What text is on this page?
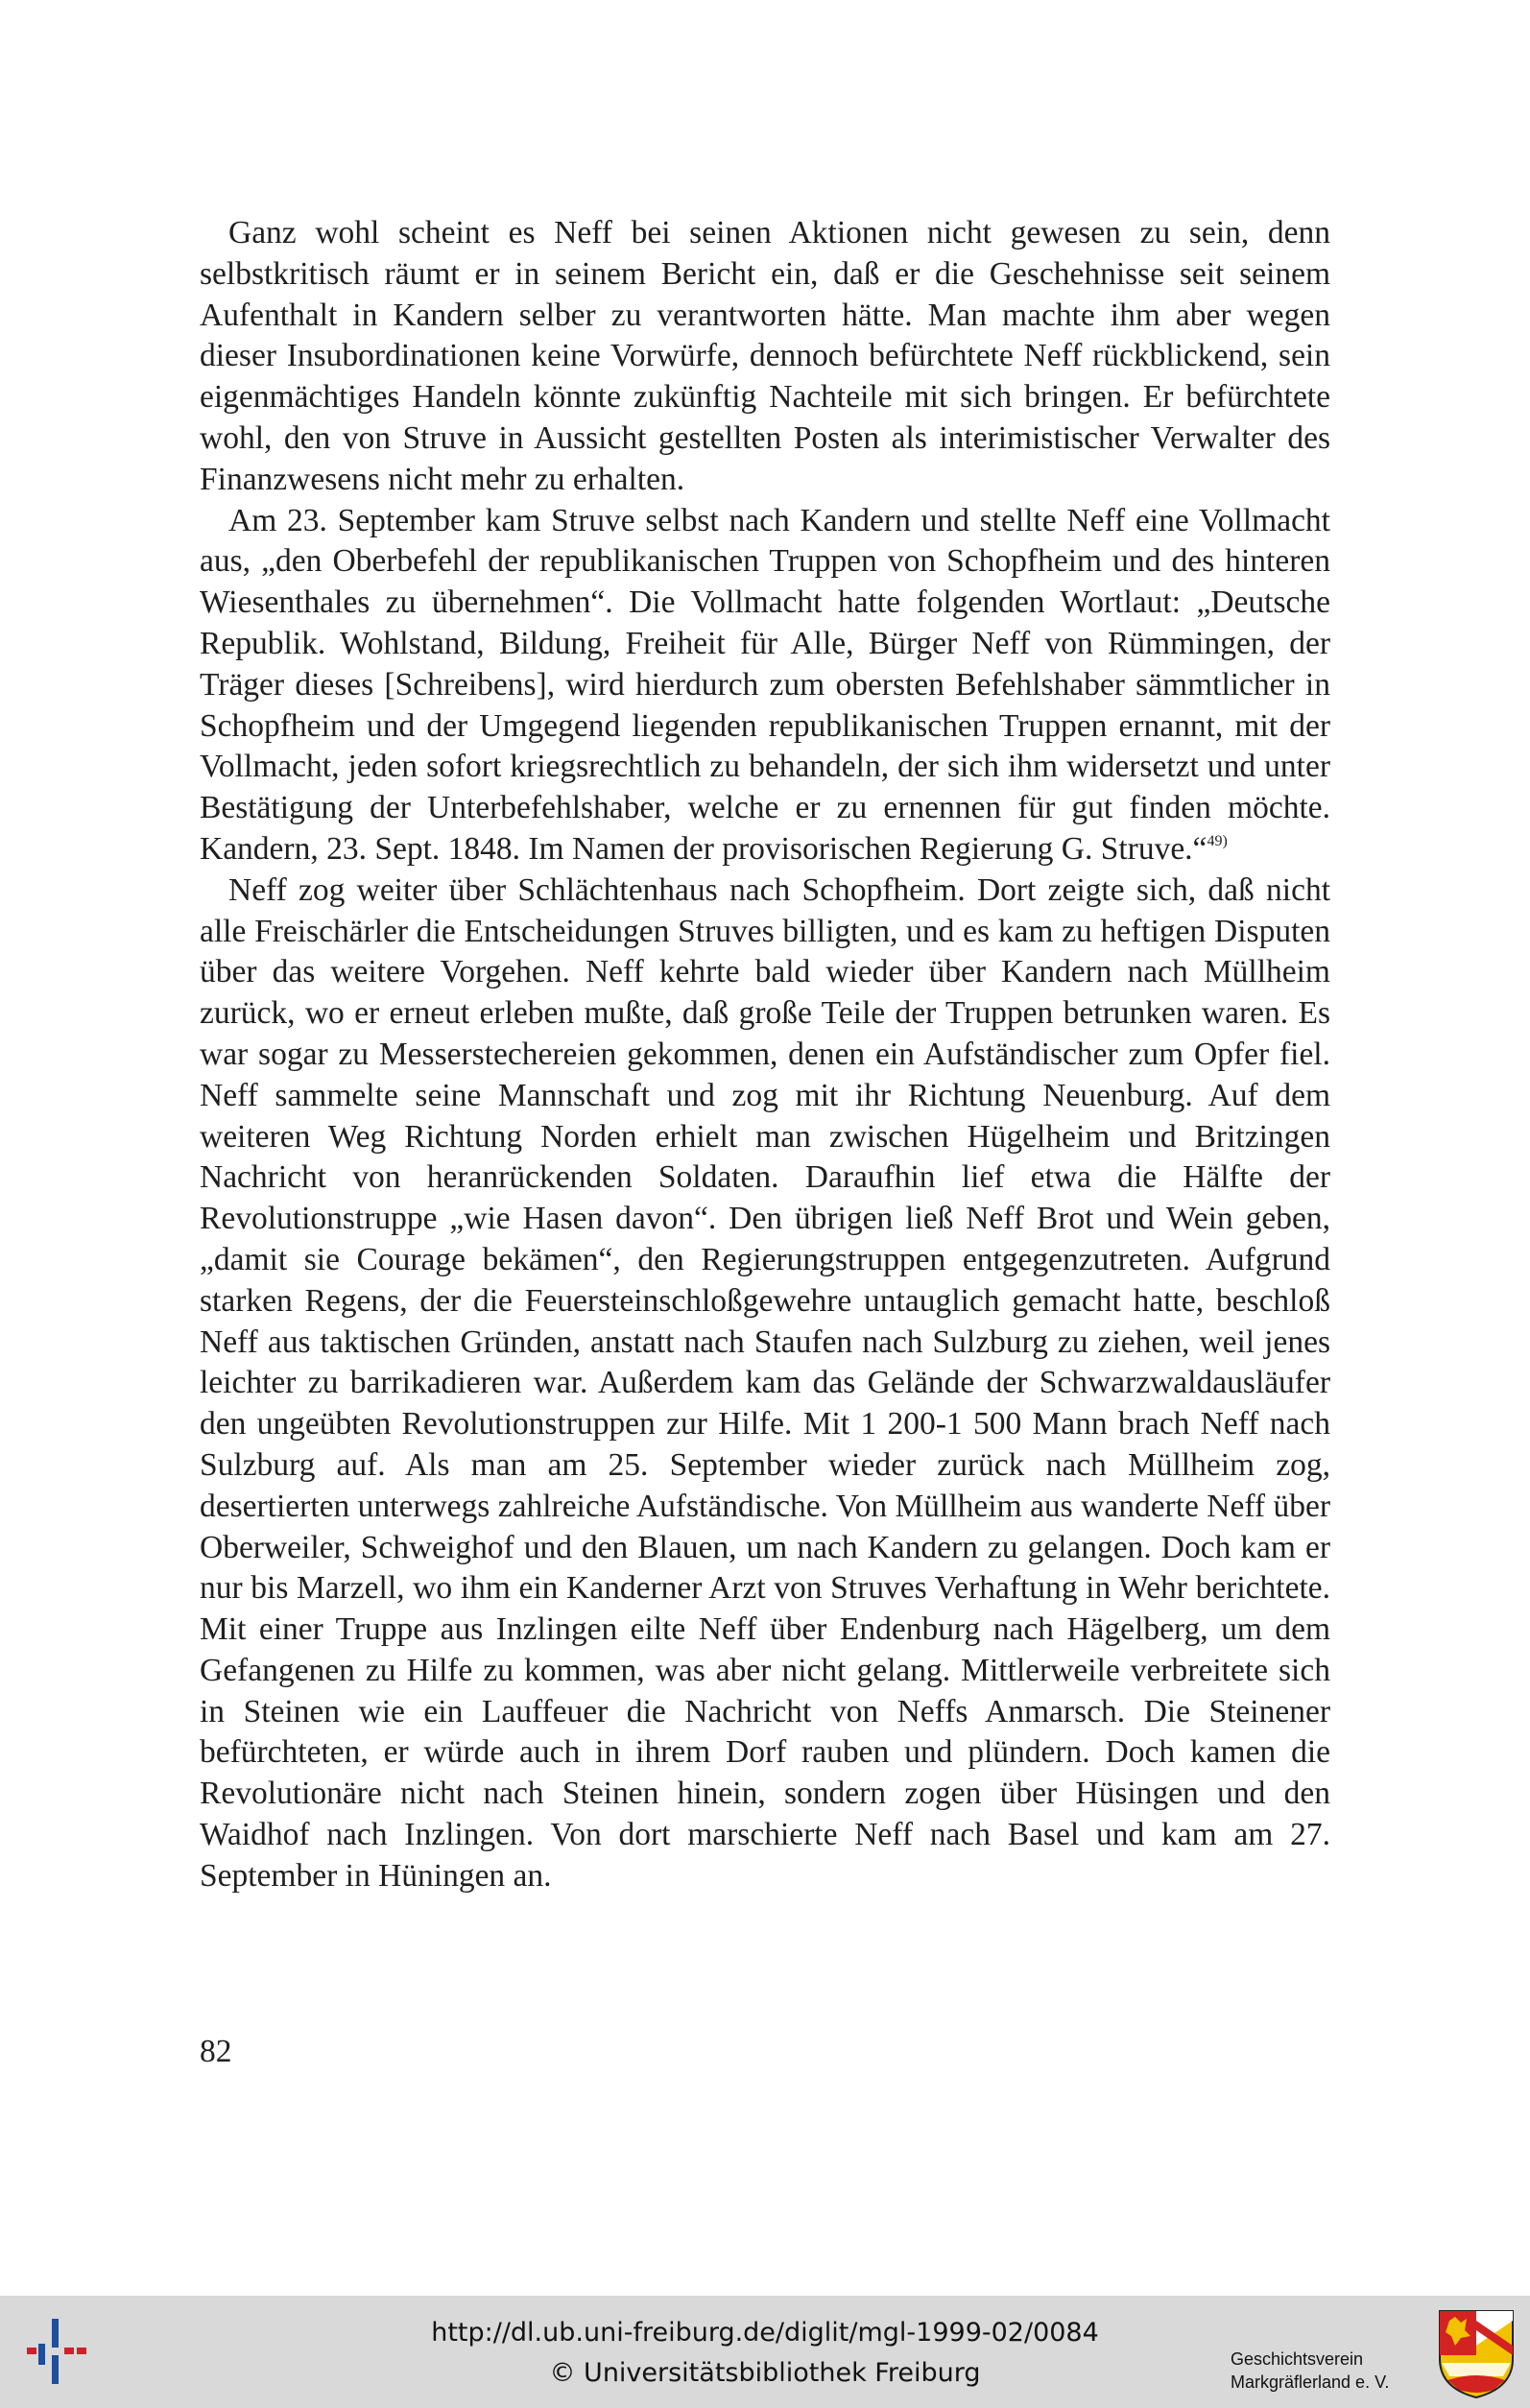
Ganz wohl scheint es Neff bei seinen Aktionen nicht gewesen zu sein, denn selbstkritisch räumt er in seinem Bericht ein, daß er die Geschehnisse seit seinem Aufenthalt in Kandern selber zu verantworten hätte. Man machte ihm aber wegen dieser Insubordinationen keine Vorwürfe, dennoch befürchtete Neff rückblickend, sein eigenmächtiges Handeln könnte zukünftig Nachteile mit sich bringen. Er befürchtete wohl, den von Struve in Aussicht gestellten Posten als interimistischer Verwalter des Finanzwesens nicht mehr zu erhalten.

Am 23. September kam Struve selbst nach Kandern und stellte Neff eine Vollmacht aus, „den Oberbefehl der republikanischen Truppen von Schopfheim und des hinteren Wiesenthales zu übernehmen“. Die Vollmacht hatte folgenden Wortlaut: „Deutsche Republik. Wohlstand, Bildung, Freiheit für Alle, Bürger Neff von Rümmingen, der Träger dieses [Schreibens], wird hierdurch zum obersten Befehlshaber sämmtlicher in Schopfheim und der Umgegend liegenden republikanischen Truppen ernannt, mit der Vollmacht, jeden sofort kriegsrechtlich zu behandeln, der sich ihm widersetzt und unter Bestätigung der Unterbefehlshaber, welche er zu ernennen für gut finden möchte. Kandern, 23. Sept. 1848. Im Namen der provisorischen Regierung G. Struve.“$^{49)}$

Neff zog weiter über Schlächtenhaus nach Schopfheim. Dort zeigte sich, daß nicht alle Freischärler die Entscheidungen Struves billigten, und es kam zu heftigen Disputen über das weitere Vorgehen. Neff kehrte bald wieder über Kandern nach Müllheim zurück, wo er erneut erleben mußte, daß große Teile der Truppen betrunken waren. Es war sogar zu Messerstechereien gekommen, denen ein Aufständischer zum Opfer fiel. Neff sammelte seine Mannschaft und zog mit ihr Richtung Neuenburg. Auf dem weiteren Weg Richtung Norden erhielt man zwischen Hügelheim und Britzingen Nachricht von heranrückenden Soldaten. Daraufhin lief etwa die Hälfte der Revolutionstruppe „wie Hasen davon“. Den übrigen ließ Neff Brot und Wein geben, „damit sie Courage bekämen“, den Regierungstruppen entgegenzutreten. Aufgrund starken Regens, der die Feuersteinschloßgewehre untauglich gemacht hatte, beschloß Neff aus taktischen Gründen, anstatt nach Staufen nach Sulzburg zu ziehen, weil jenes leichter zu barrikadieren war. Außerdem kam das Gelände der Schwarzwaldausläufer den ungeübten Revolutionstruppen zur Hilfe. Mit 1 200-1 500 Mann brach Neff nach Sulzburg auf. Als man am 25. September wieder zurück nach Müllheim zog, desertierten unterwegs zahlreiche Aufständische. Von Müllheim aus wanderte Neff über Oberweiler, Schweighof und den Blauen, um nach Kandern zu gelangen. Doch kam er nur bis Marzell, wo ihm ein Kanderner Arzt von Struves Verhaftung in Wehr berichtete. Mit einer Truppe aus Inzlingen eilte Neff über Endenburg nach Hägelberg, um dem Gefangenen zu Hilfe zu kommen, was aber nicht gelang. Mittlerweile verbreitete sich in Steinen wie ein Lauffeuer die Nachricht von Neffs Anmarsch. Die Steinener befürchteten, er würde auch in ihrem Dorf rauben und plündern. Doch kamen die Revolutionäre nicht nach Steinen hinein, sondern zogen über Hüsingen und den Waidhof nach Inzlingen. Von dort marschierte Neff nach Basel und kam am 27. September in Hüningen an.

82
http://dl.ub.uni-freiburg.de/diglit/mgl-1999-02/0084
© Universitätsbibliothek Freiburg	Geschichtsverein
Markgräflerland e. V.
